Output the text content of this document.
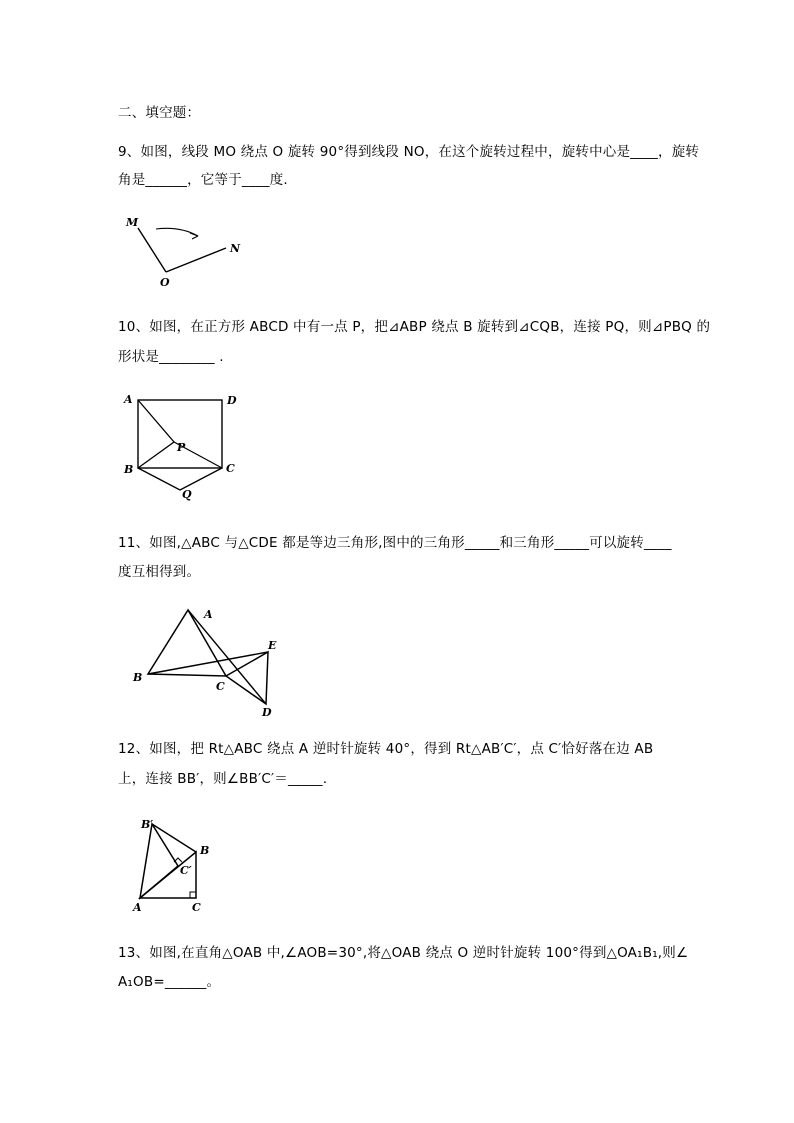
二、填空题：
9、如图，线段 MO 绕点 O 旋转 90°得到线段 NO，在这个旋转过程中，旋转中心是____，旋转
角是______，它等于____度.
M
N
O
10、如图，在正方形 ABCD 中有一点 P，把⊿ABP 绕点 B 旋转到⊿CQB，连接 PQ，则⊿PBQ 的
形状是________ .
A	D
P
B	C
Q
11、如图,△ABC 与△CDE 都是等边三角形,图中的三角形_____和三角形_____可以旋转____
度互相得到。
A
E
B
C
D
12、如图，把 Rt△ABC 绕点 A 逆时针旋转 40°，得到 Rt△AB′C′，点 C′恰好落在边 AB
上，连接 BB′，则∠BB′C′＝_____.
B′
B
C′
A	C
13、如图,在直角△OAB 中,∠AOB=30°,将△OAB 绕点 O 逆时针旋转 100°得到△OA₁B₁,则∠
A₁OB=______。
